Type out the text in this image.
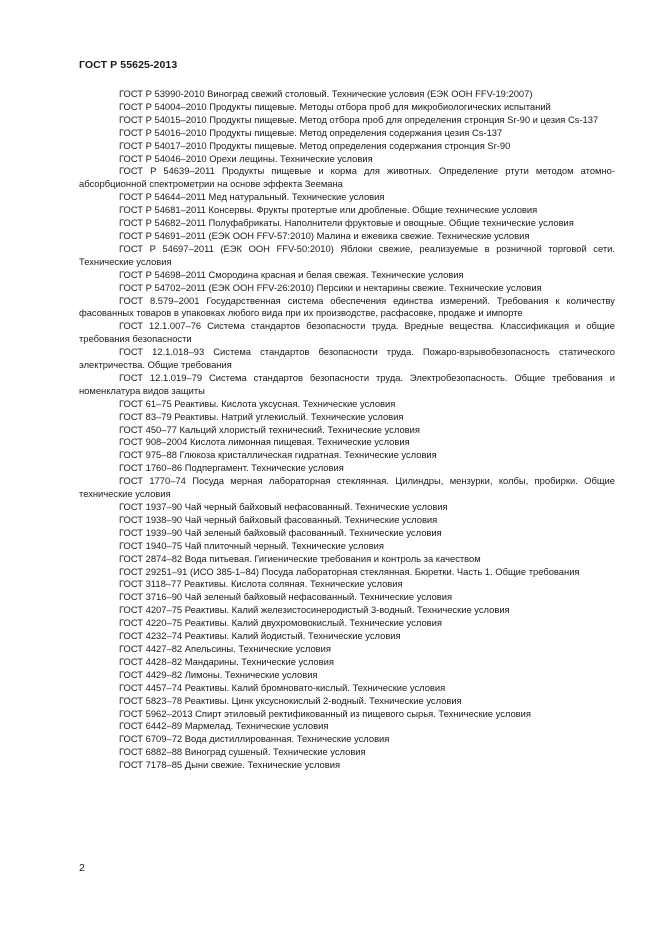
ГОСТ Р 55625-2013

ГОСТ Р 53990-2010 Виноград свежий столовый. Технические условия (ЕЭК ООН FFV-19:2007)

ГОСТ Р 54004–2010 Продукты пищевые. Методы отбора проб для микробиологических испытаний

ГОСТ Р 54015–2010 Продукты пищевые. Метод отбора проб для определения стронция Sr-90 и цезия Cs-137

ГОСТ Р 54016–2010 Продукты пищевые. Метод определения содержания цезия Cs-137

ГОСТ Р 54017–2010 Продукты пищевые. Метод определения содержания стронция Sr-90

ГОСТ Р 54046–2010 Орехи лещины. Технические условия

ГОСТ Р 54639–2011 Продукты пищевые и корма для животных. Определение ртути методом атомно-абсорбционной спектрометрии на основе эффекта Зеемана

ГОСТ Р 54644–2011 Мед натуральный. Технические условия

ГОСТ Р 54681–2011 Консервы. Фрукты протертые или дробленые. Общие технические условия

ГОСТ Р 54682–2011 Полуфабрикаты. Наполнители фруктовые и овощные. Общие технические условия

ГОСТ Р 54691–2011 (ЕЭК ООН FFV-57:2010) Малина и ежевика свежие. Технические условия

ГОСТ Р 54697–2011 (ЕЭК ООН FFV-50:2010) Яблоки свежие, реализуемые в розничной торговой сети. Технические условия

ГОСТ Р 54698–2011 Смородина красная и белая свежая. Технические условия

ГОСТ Р 54702–2011 (ЕЭК ООН FFV-26:2010) Персики и нектарины свежие. Технические условия

ГОСТ 8.579–2001 Государственная система обеспечения единства измерений. Требования к количеству фасованных товаров в упаковках любого вида при их производстве, расфасовке, продаже и импорте

ГОСТ 12.1.007–76 Система стандартов безопасности труда. Вредные вещества. Классификация и общие требования безопасности

ГОСТ 12.1.018–93 Система стандартов безопасности труда. Пожаро-взрывобезопасность статического электричества. Общие требования

ГОСТ 12.1.019–79 Система стандартов безопасности труда. Электробезопасность. Общие требования и номенклатура видов защиты

ГОСТ 61–75 Реактивы. Кислота уксусная. Технические условия

ГОСТ 83–79 Реактивы. Натрий углекислый. Технические условия

ГОСТ 450–77 Кальций хлористый технический. Технические условия

ГОСТ 908–2004 Кислота лимонная пищевая. Технические условия

ГОСТ 975–88 Глюкоза кристаллическая гидратная. Технические условия

ГОСТ 1760–86 Подпергамент. Технические условия

ГОСТ 1770–74 Посуда мерная лабораторная стеклянная. Цилиндры, мензурки, колбы, пробирки. Общие технические условия

ГОСТ 1937–90 Чай черный байховый нефасованный. Технические условия

ГОСТ 1938–90 Чай черный байховый фасованный. Технические условия

ГОСТ 1939–90 Чай зеленый байховый фасованный. Технические условия

ГОСТ 1940–75 Чай плиточный черный. Технические условия

ГОСТ 2874–82 Вода питьевая. Гигиенические требования и контроль за качеством

ГОСТ 29251–91 (ИСО 385-1–84) Посуда лабораторная стеклянная. Бюретки. Часть 1. Общие требования

ГОСТ 3118–77 Реактивы. Кислота соляная. Технические условия

ГОСТ 3716–90 Чай зеленый байховый нефасованный. Технические условия

ГОСТ 4207–75 Реактивы. Калий железистосинеродистый 3-водный. Технические условия

ГОСТ 4220–75 Реактивы. Калий двухромовокислый. Технические условия

ГОСТ 4232–74 Реактивы. Калий йодистый. Технические условия

ГОСТ 4427–82 Апельсины. Технические условия

ГОСТ 4428–82 Мандарины. Технические условия

ГОСТ 4429–82 Лимоны. Технические условия

ГОСТ 4457–74 Реактивы. Калий бромновато-кислый. Технические условия

ГОСТ 5823–78 Реактивы. Цинк уксуснокислый 2-водный. Технические условия

ГОСТ 5962–2013 Спирт этиловый ректификованный из пищевого сырья. Технические условия

ГОСТ 6442–89 Мармелад. Технические условия

ГОСТ 6709–72 Вода дистиллированная. Технические условия

ГОСТ 6882–88 Виноград сушеный. Технические условия

ГОСТ 7178–85 Дыни свежие. Технические условия

2
